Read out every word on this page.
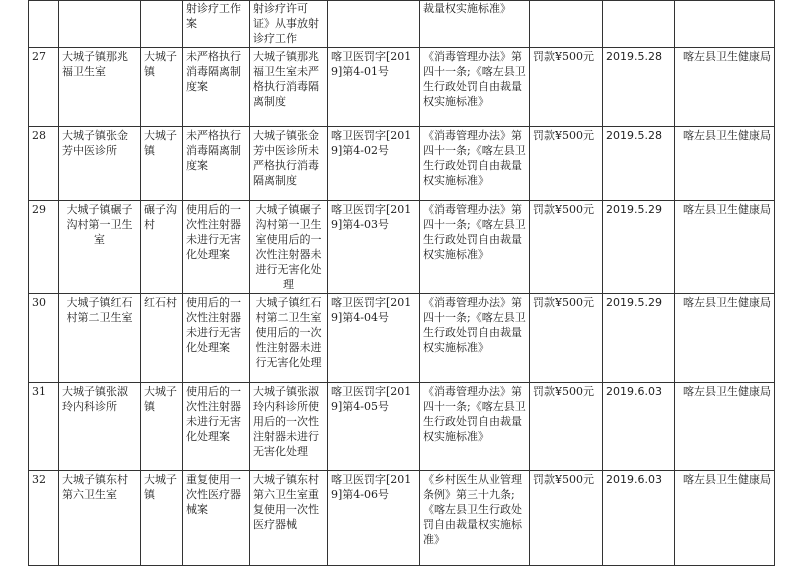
			射诊疗工作案	射诊疗许可证》从事放射诊疗工作		裁量权实施标准》			
27	大城子镇那兆福卫生室	大城子镇	未严格执行消毒隔离制度案	大城子镇那兆福卫生室未严格执行消毒隔离制度	喀卫医罚字[2019]第4-01号	《消毒管理办法》第四十一条;《喀左县卫生行政处罚自由裁量权实施标准》	罚款¥500元	2019.5.28	喀左县卫生健康局
28	大城子镇张金芳中医诊所	大城子镇	未严格执行消毒隔离制度案	大城子镇张金芳中医诊所未严格执行消毒隔离制度	喀卫医罚字[2019]第4-02号	《消毒管理办法》第四十一条;《喀左县卫生行政处罚自由裁量权实施标准》	罚款¥500元	2019.5.28	喀左县卫生健康局
29	大城子镇碾子沟村第一卫生室	碾子沟村	使用后的一次性注射器未进行无害化处理案	大城子镇碾子沟村第一卫生室使用后的一次性注射器未进行无害化处理	喀卫医罚字[2019]第4-03号	《消毒管理办法》第四十一条;《喀左县卫生行政处罚自由裁量权实施标准》	罚款¥500元	2019.5.29	喀左县卫生健康局
30	大城子镇红石村第二卫生室	红石村	使用后的一次性注射器未进行无害化处理案	大城子镇红石村第二卫生室使用后的一次性注射器未进行无害化处理	喀卫医罚字[2019]第4-04号	《消毒管理办法》第四十一条;《喀左县卫生行政处罚自由裁量权实施标准》	罚款¥500元	2019.5.29	喀左县卫生健康局
31	大城子镇张淑玲内科诊所	大城子镇	使用后的一次性注射器未进行无害化处理案	大城子镇张淑玲内科诊所使用后的一次性注射器未进行无害化处理	喀卫医罚字[2019]第4-05号	《消毒管理办法》第四十一条;《喀左县卫生行政处罚自由裁量权实施标准》	罚款¥500元	2019.6.03	喀左县卫生健康局
32	大城子镇东村第六卫生室	大城子镇	重复使用一次性医疗器械案	大城子镇东村第六卫生室重复使用一次性医疗器械	喀卫医罚字[2019]第4-06号	《乡村医生从业管理条例》第三十九条;《喀左县卫生行政处罚自由裁量权实施标准》	罚款¥500元	2019.6.03	喀左县卫生健康局
